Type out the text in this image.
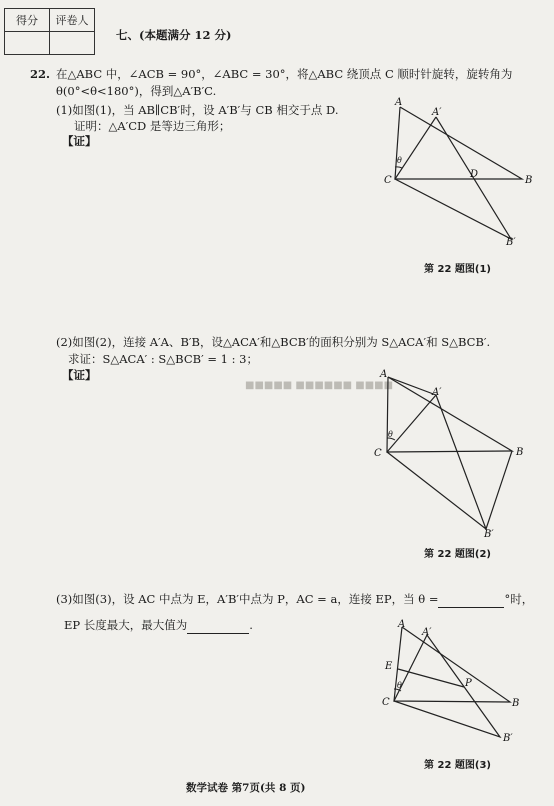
得分	评卷人

七、(本题满分 12 分)
22. 在△ABC 中，∠ACB = 90°，∠ABC = 30°，将△ABC 绕顶点 C 顺时针旋转，旋转角为
θ(0°<θ<180°)，得到△A′B′C.
(1)如图(1)，当 AB∥CB′时，设 A′B′与 CB 相交于点 D.
证明：△A′CD 是等边三角形；
【证】
A
A′
C
D
B
B′
θ
第 22 题图(1)
■■■■■ ■■■■■■ ■■■■
(2)如图(2)，连接 A′A、B′B，设△ACA′和△BCB′的面积分别为 S△ACA′和 S△BCB′.
求证：S△ACA′ : S△BCB′ = 1 : 3；
【证】	A
A′
C	B
B′
θ
第 22 题图(2)
(3)如图(3)，设 AC 中点为 E，A′B′中点为 P，AC = a，连接 EP，当 θ =	°时，
EP 长度最大，最大值为	.	A
A′
E
P
C	B
B′
θ
第 22 题图(3)
数学试卷 第7页(共 8 页)
